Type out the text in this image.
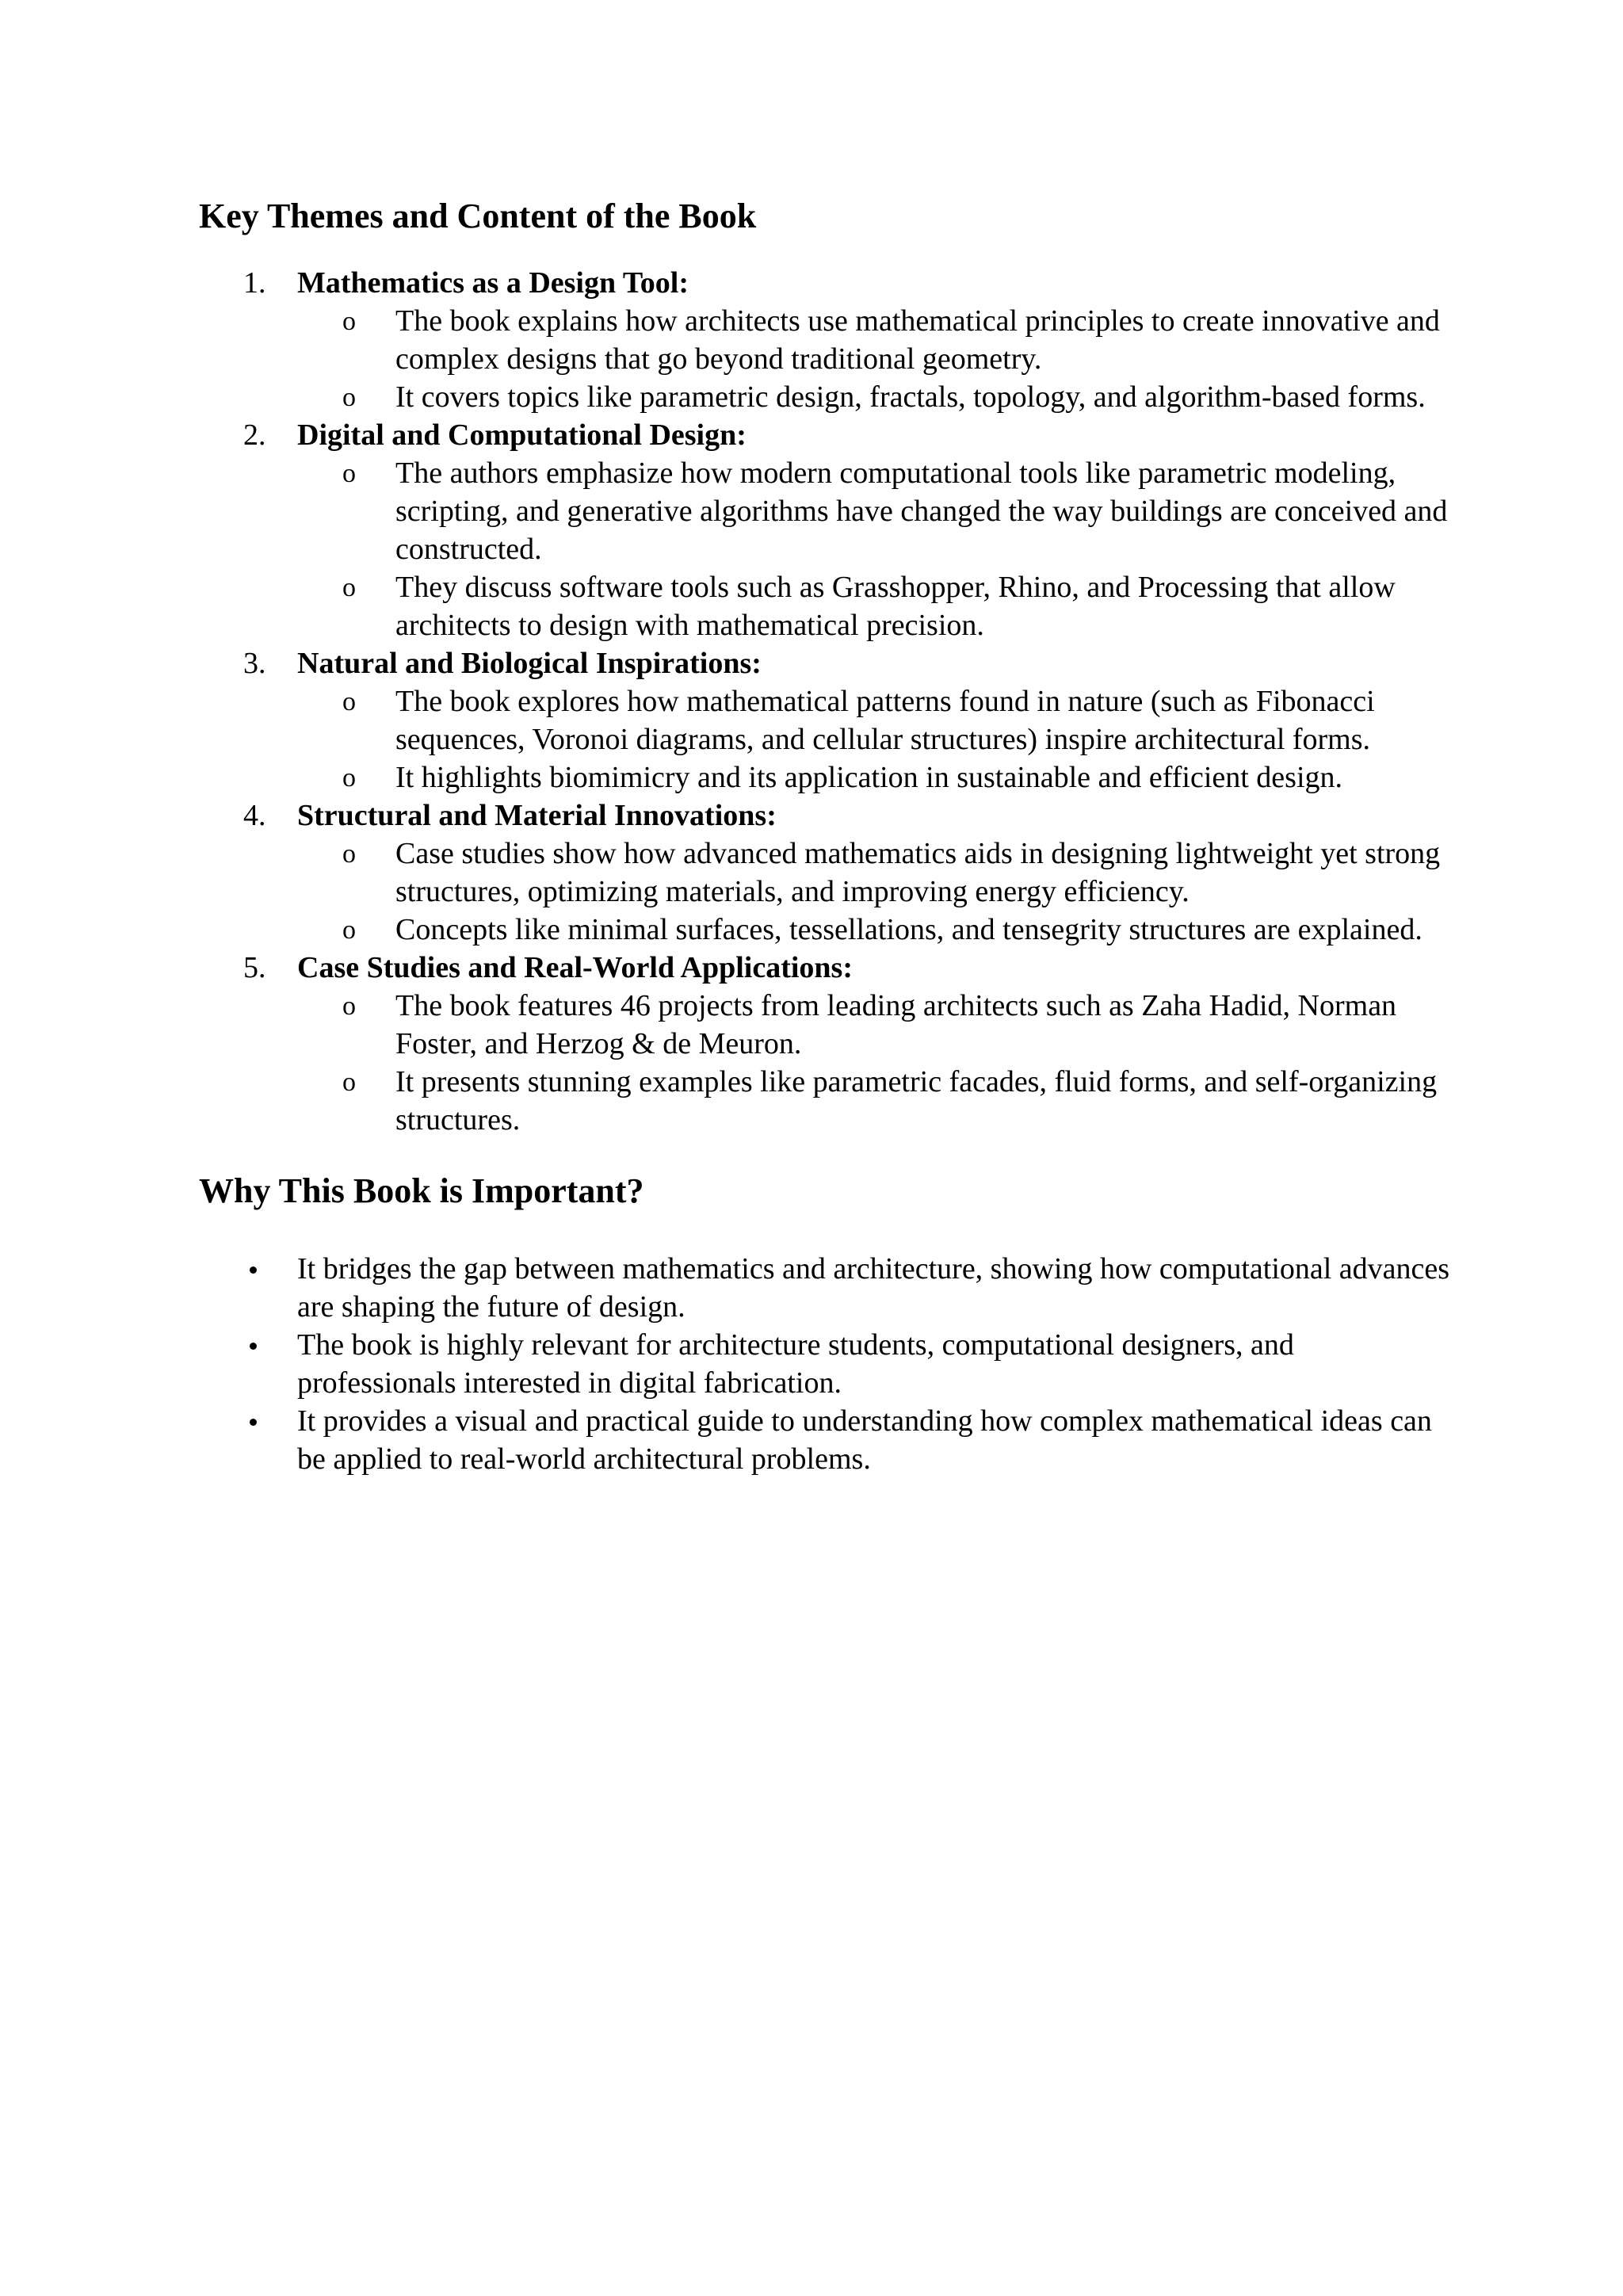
Key Themes and Content of the Book
1. Mathematics as a Design Tool:
o The book explains how architects use mathematical principles to create innovative and complex designs that go beyond traditional geometry.
o It covers topics like parametric design, fractals, topology, and algorithm-based forms.
2. Digital and Computational Design:
o The authors emphasize how modern computational tools like parametric modeling, scripting, and generative algorithms have changed the way buildings are conceived and constructed.
o They discuss software tools such as Grasshopper, Rhino, and Processing that allow architects to design with mathematical precision.
3. Natural and Biological Inspirations:
o The book explores how mathematical patterns found in nature (such as Fibonacci sequences, Voronoi diagrams, and cellular structures) inspire architectural forms.
o It highlights biomimicry and its application in sustainable and efficient design.
4. Structural and Material Innovations:
o Case studies show how advanced mathematics aids in designing lightweight yet strong structures, optimizing materials, and improving energy efficiency.
o Concepts like minimal surfaces, tessellations, and tensegrity structures are explained.
5. Case Studies and Real-World Applications:
o The book features 46 projects from leading architects such as Zaha Hadid, Norman Foster, and Herzog & de Meuron.
o It presents stunning examples like parametric facades, fluid forms, and self-organizing structures.
Why This Book is Important?
It bridges the gap between mathematics and architecture, showing how computational advances are shaping the future of design.
The book is highly relevant for architecture students, computational designers, and professionals interested in digital fabrication.
It provides a visual and practical guide to understanding how complex mathematical ideas can be applied to real-world architectural problems.
